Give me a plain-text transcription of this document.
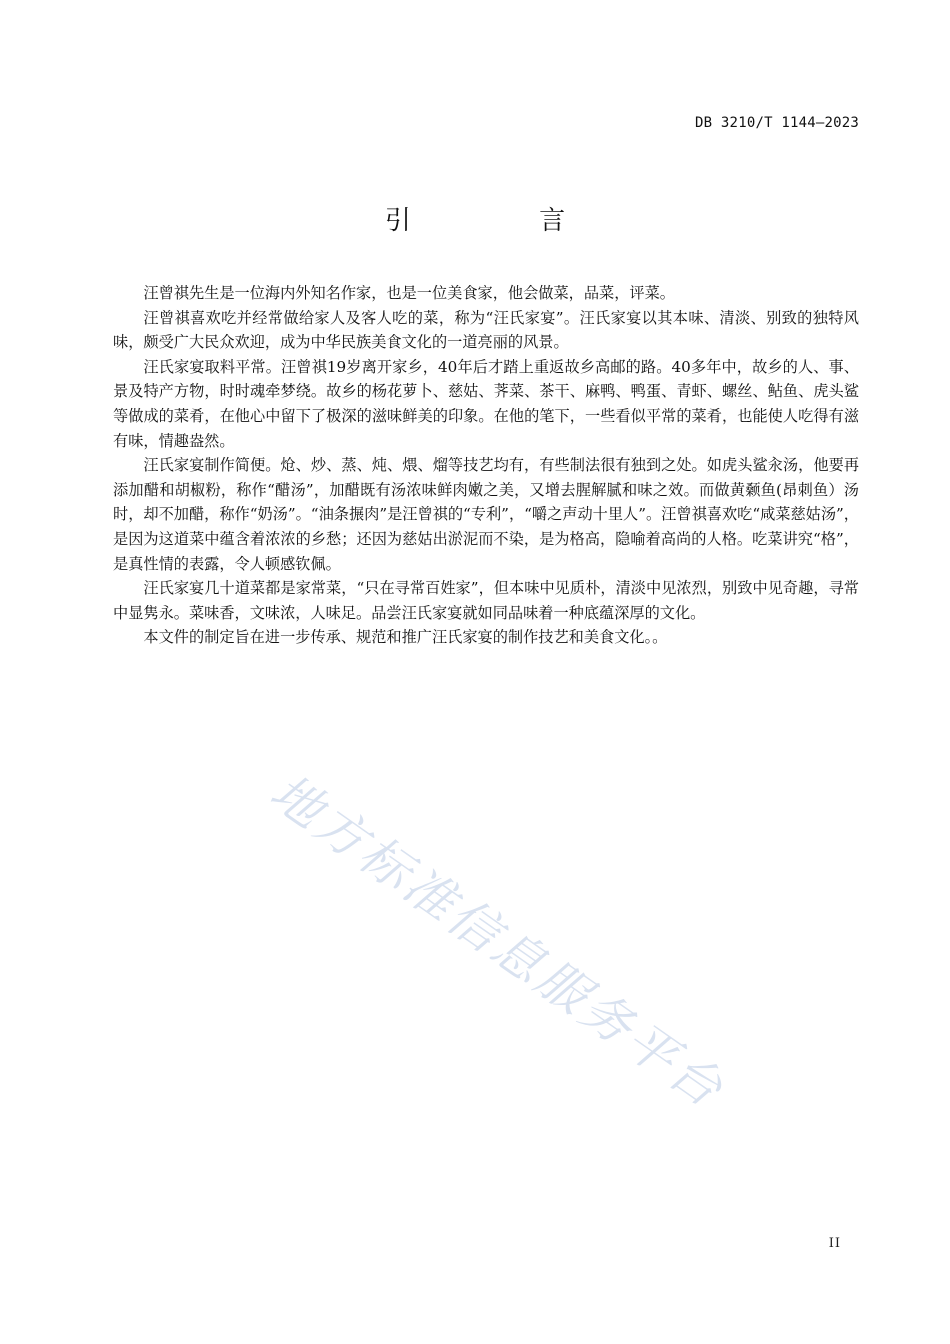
DB 3210/T 1144—2023
引 言

汪曾祺先生是一位海内外知名作家，也是一位美食家，他会做菜，品菜，评菜。

汪曾祺喜欢吃并经常做给家人及客人吃的菜，称为“汪氏家宴”。汪氏家宴以其本味、清淡、别致的独特风味，颇受广大民众欢迎，成为中华民族美食文化的一道亮丽的风景。

汪氏家宴取料平常。汪曾祺19岁离开家乡，40年后才踏上重返故乡高邮的路。40多年中，故乡的人、事、景及特产方物，时时魂牵梦绕。故乡的杨花萝卜、慈姑、荠菜、茶干、麻鸭、鸭蛋、青虾、螺丝、鲇鱼、虎头鲨等做成的菜肴，在他心中留下了极深的滋味鲜美的印象。在他的笔下，一些看似平常的菜肴，也能使人吃得有滋有味，情趣盎然。

汪氏家宴制作简便。炝、炒、蒸、炖、煨、熘等技艺均有，有些制法很有独到之处。如虎头鲨汆汤，他要再添加醋和胡椒粉，称作“醋汤”，加醋既有汤浓味鲜肉嫩之美，又增去腥解腻和味之效。而做黄颡鱼(昂刺鱼）汤时，却不加醋，称作“奶汤”。“油条搌肉”是汪曾祺的“专利”，“嚼之声动十里人”。汪曾祺喜欢吃“咸菜慈姑汤”，是因为这道菜中蕴含着浓浓的乡愁；还因为慈姑出淤泥而不染，是为格高，隐喻着高尚的人格。吃菜讲究“格”，是真性情的表露，令人顿感钦佩。

汪氏家宴几十道菜都是家常菜，“只在寻常百姓家”，但本味中见质朴，清淡中见浓烈，别致中见奇趣，寻常中显隽永。菜味香，文味浓，人味足。品尝汪氏家宴就如同品味着一种底蕴深厚的文化。

本文件的制定旨在进一步传承、规范和推广汪氏家宴的制作技艺和美食文化。。

地方标准信息服务平台
II
